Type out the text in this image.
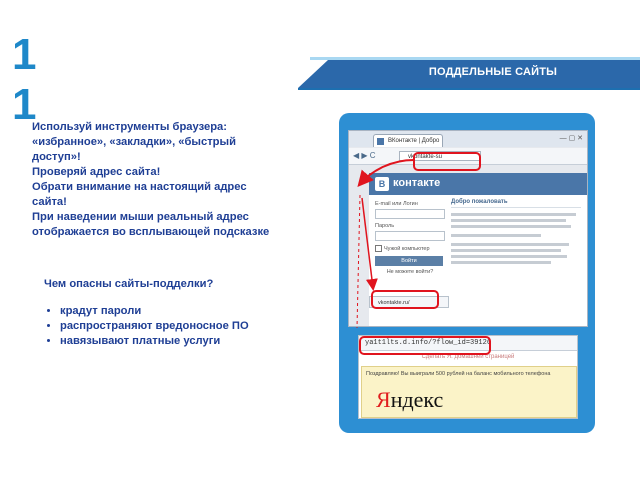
11
ПОДДЕЛЬНЫЕ САЙТЫ
Используй инструменты браузера:
«избранное», «закладки», «быстрый
доступ»!
Проверяй адрес сайта!
Обрати внимание на настоящий адрес
сайта!
При наведении мыши реальный адрес
отображается во всплывающей подсказке
Чем опасны сайты-подделки?
• крадут пароли
• распространяют вредоносное ПО
• навязывают платные услуги
ВКонтакте | Добро	— ▢ ✕
◀ ▶ C	vkontakte-su
B контакте
E-mail или Логин
Пароль
Чужой компьютер
Войти
Не можете войти?
Добро пожаловать
vkontakte.ru/
ya1t1lts.d.info/?flow_id=39126
Сделать Я. домашней страницей
Поздравляю! Вы выиграли 500 рублей на баланс мобильного телефона
Яндекс
